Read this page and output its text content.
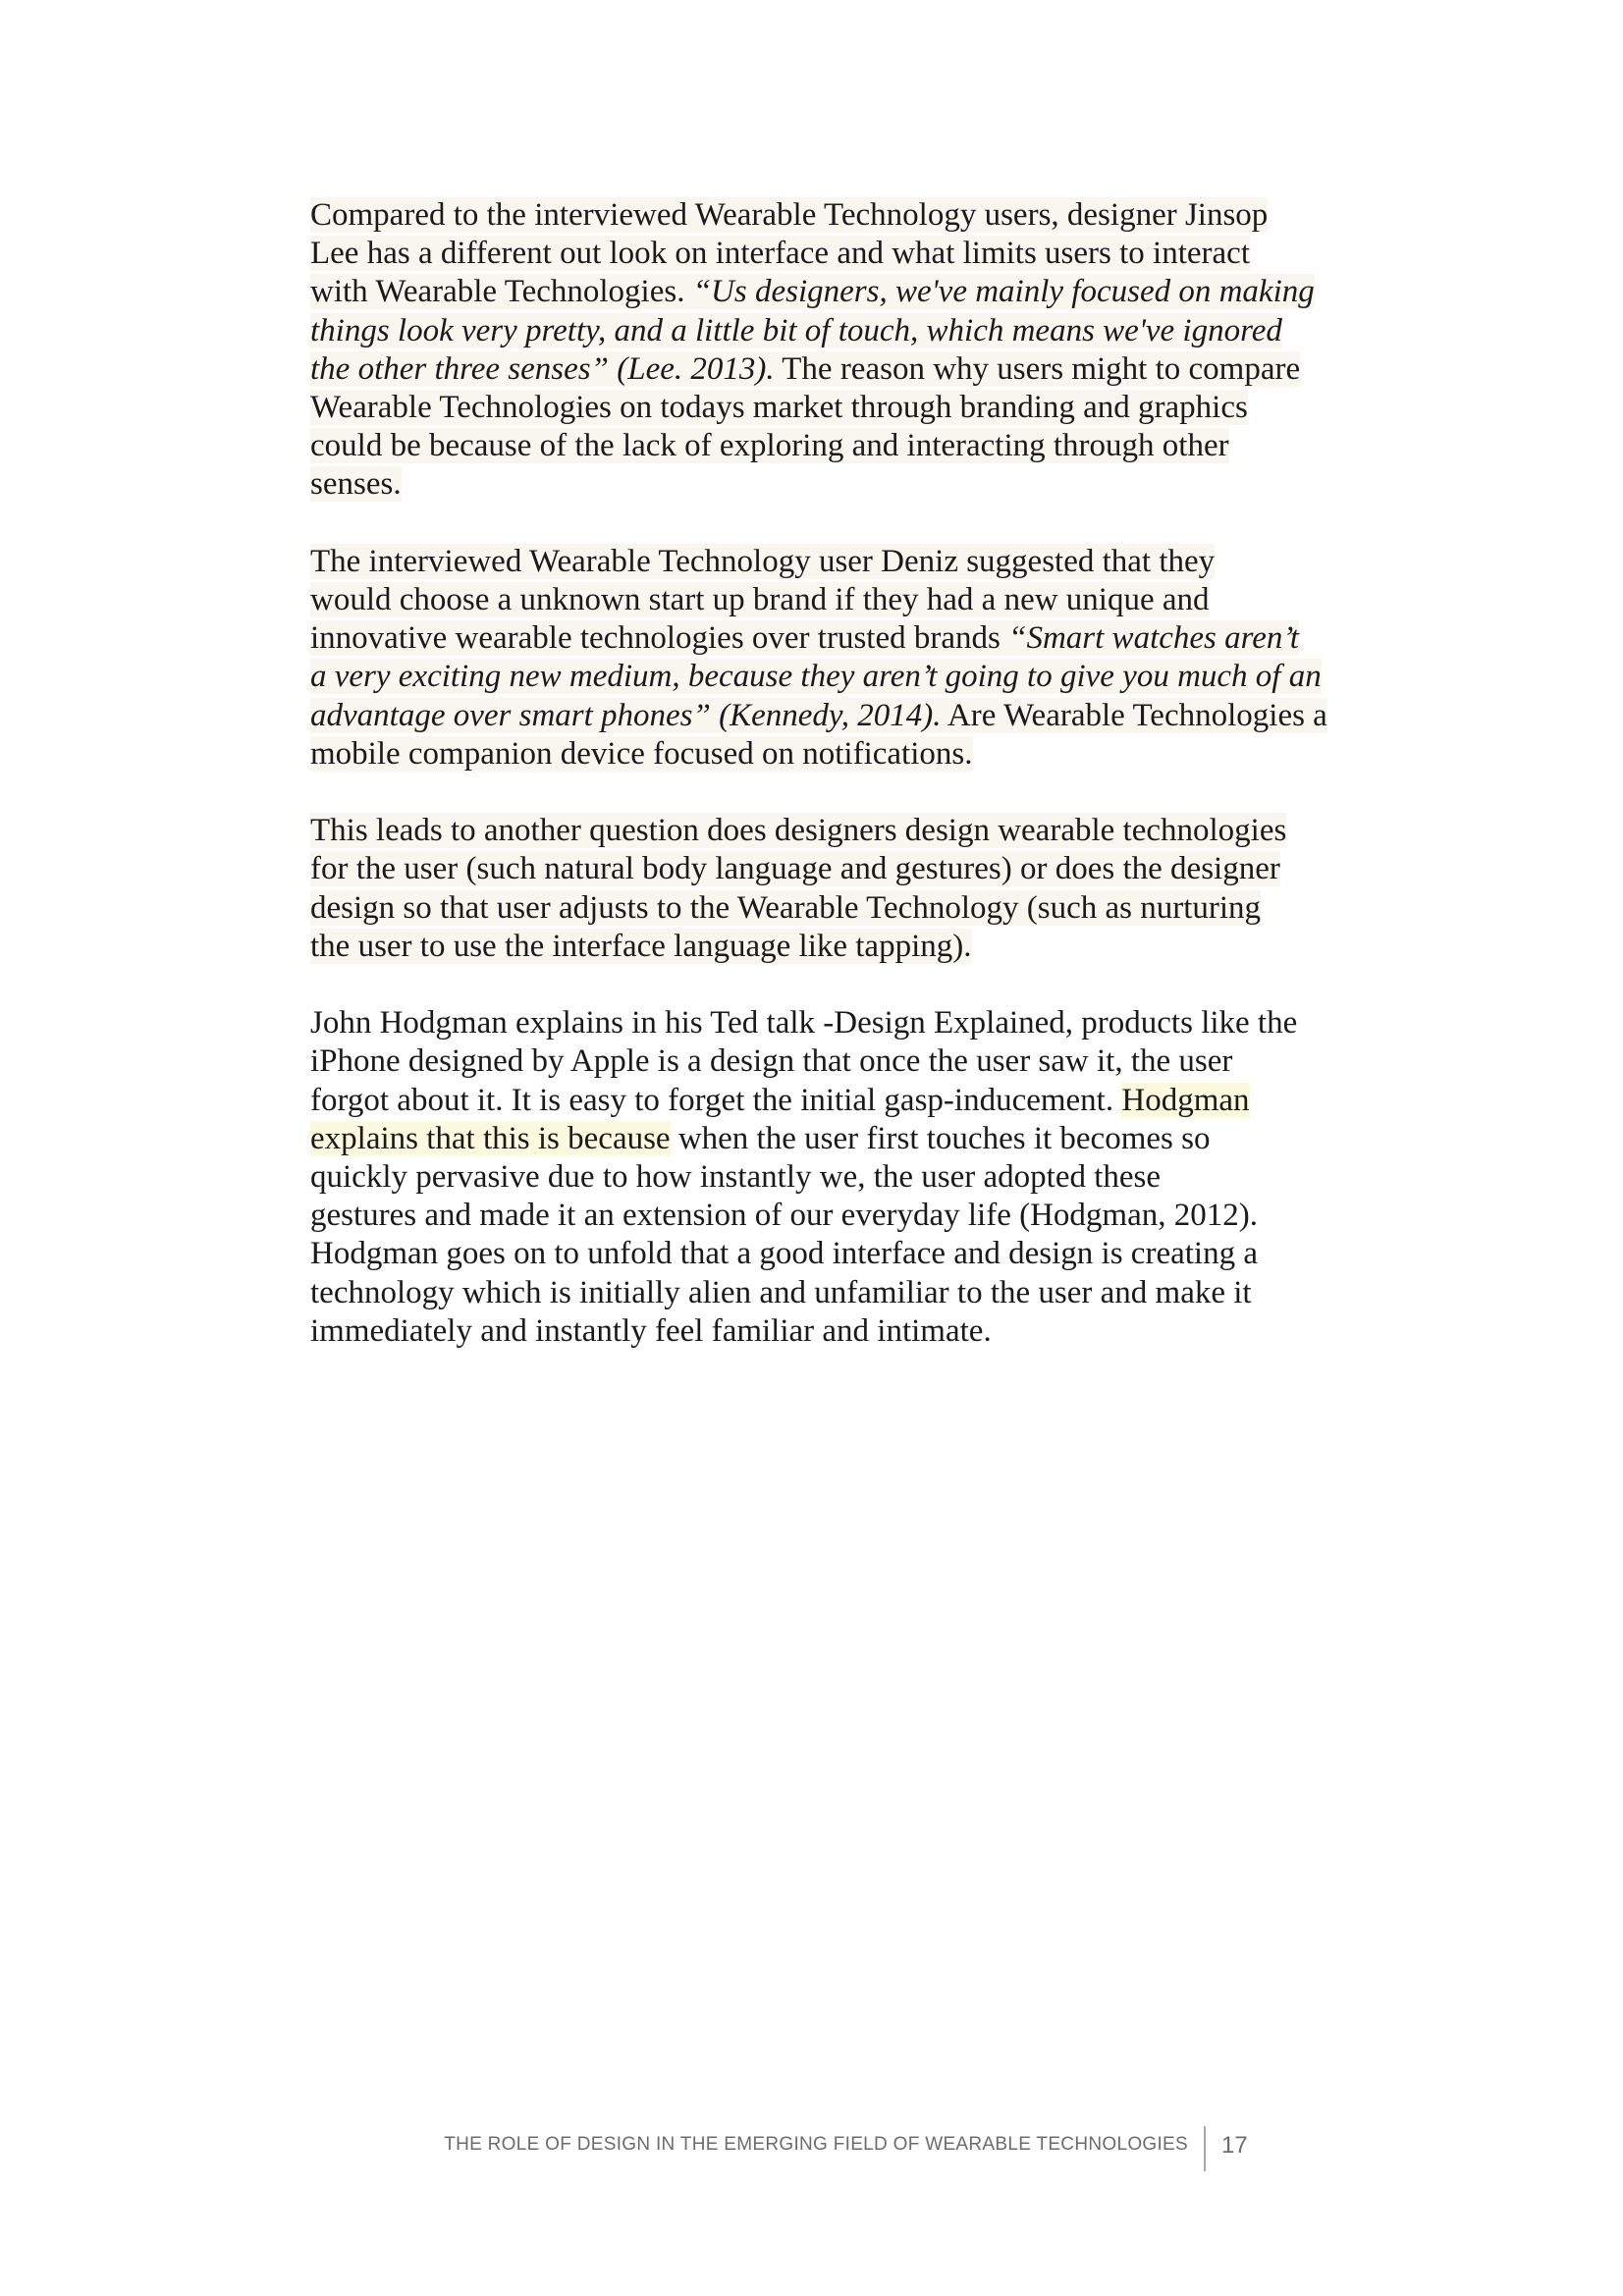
Compared to the interviewed Wearable Technology users, designer Jinsop
Lee has a different out look on interface and what limits users to interact
with Wearable Technologies. “Us designers, we've mainly focused on making
things look very pretty, and a little bit of touch, which means we've ignored
the other three senses” (Lee. 2013). The reason why users might to compare
Wearable Technologies on todays market through branding and graphics
could be because of the lack of exploring and interacting through other
senses.
The interviewed Wearable Technology user Deniz suggested that they
would choose a unknown start up brand if they had a new unique and
innovative wearable technologies over trusted brands “Smart watches aren’t
a very exciting new medium, because they aren’t going to give you much of an
advantage over smart phones” (Kennedy, 2014). Are Wearable Technologies a
mobile companion device focused on notifications.
This leads to another question does designers design wearable technologies
for the user (such natural body language and gestures) or does the designer
design so that user adjusts to the Wearable Technology (such as nurturing
the user to use the interface language like tapping).
John Hodgman explains in his Ted talk -Design Explained, products like the
iPhone designed by Apple is a design that once the user saw it, the user
forgot about it. It is easy to forget the initial gasp-inducement. Hodgman
explains that this is because when the user first touches it becomes so
quickly pervasive due to how instantly we, the user adopted these
gestures and made it an extension of our everyday life (Hodgman, 2012).
Hodgman goes on to unfold that a good interface and design is creating a
technology which is initially alien and unfamiliar to the user and make it
immediately and instantly feel familiar and intimate.
THE ROLE OF DESIGN IN THE EMERGING FIELD OF WEARABLE TECHNOLOGIES 17
